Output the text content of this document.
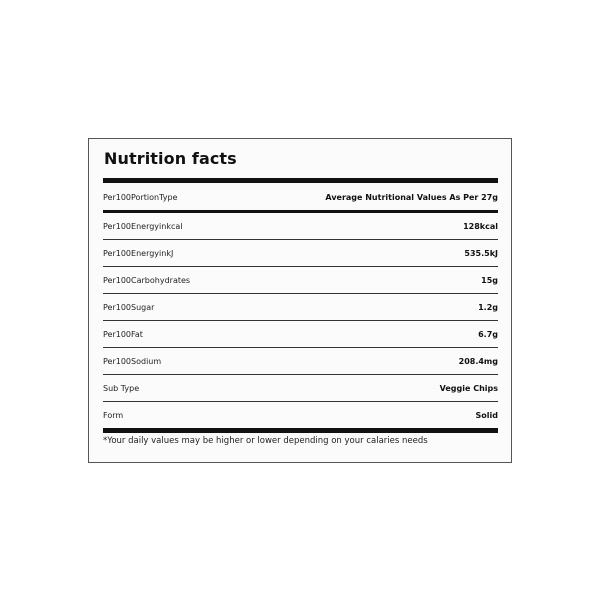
Nutrition facts
Per100PortionType	Average Nutritional Values As Per 27g
Per100Energyinkcal	128kcal
Per100EnergyinkJ	535.5kJ
Per100Carbohydrates	15g
Per100Sugar	1.2g
Per100Fat	6.7g
Per100Sodium	208.4mg
Sub Type	Veggie Chips
Form	Solid
*Your daily values may be higher or lower depending on your calaries needs
